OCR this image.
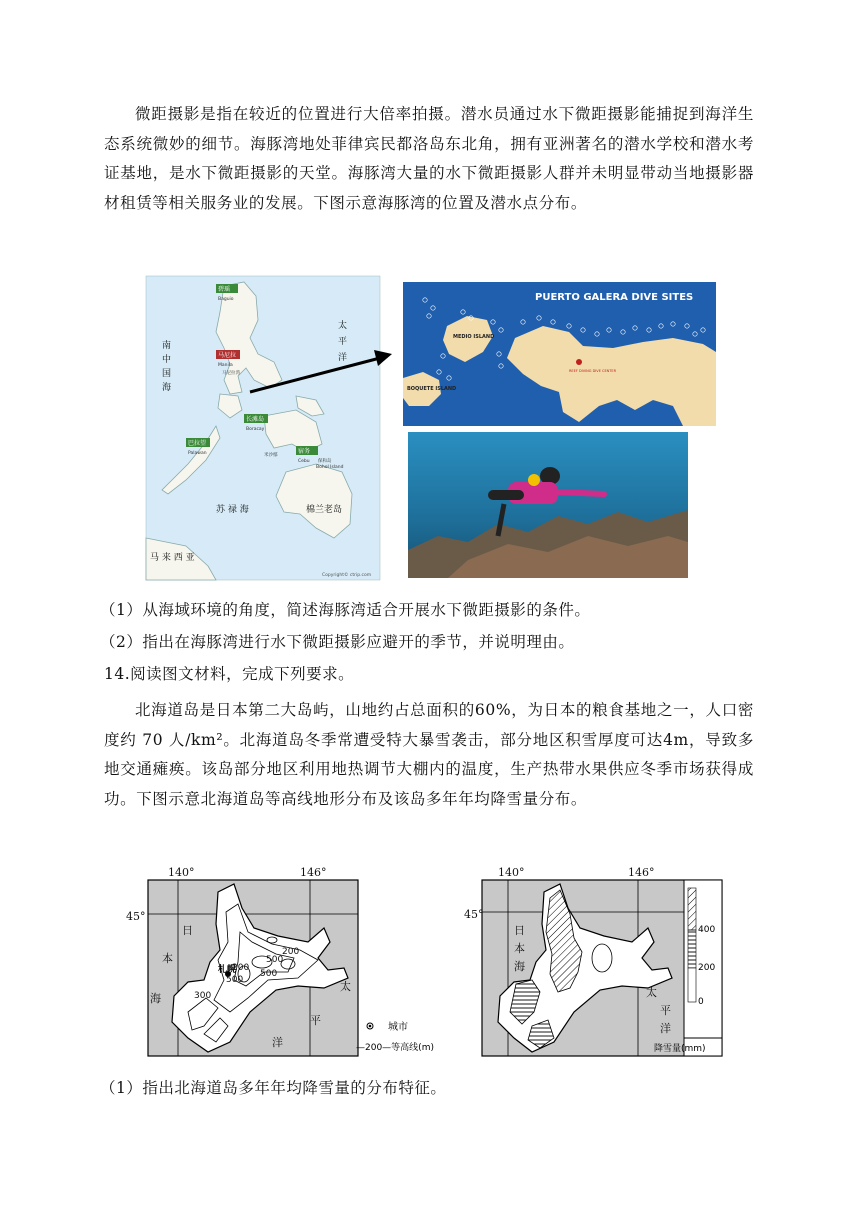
微距摄影是指在较近的位置进行大倍率拍摄。潜水员通过水下微距摄影能捕捉到海洋生态系统微妙的细节。海豚湾地处菲律宾民都洛岛东北角，拥有亚洲著名的潜水学校和潜水考证基地，是水下微距摄影的天堂。海豚湾大量的水下微距摄影人群并未明显带动当地摄影器材租赁等相关服务业的发展。下图示意海豚湾的位置及潜水点分布。
南
中
国
海
太
平
洋
苏 禄 海
马 来 西 亚
棉兰老岛
碧瑶
Baguio
马尼拉
Manila
马尼拉湾
长滩岛
Boracay
宿务
Cebu
Bohol Island
保和岛
米沙鄢
巴拉望
Palawan
Copyright© ctrip.com
PUERTO GALERA DIVE SITES
MEDIO ISLAND
BOQUETE ISLAND
REEF DIVING DIVE CENTER
（1）从海域环境的角度，简述海豚湾适合开展水下微距摄影的条件。
（2）指出在海豚湾进行水下微距摄影应避开的季节，并说明理由。
14.阅读图文材料，完成下列要求。
北海道岛是日本第二大岛屿，山地约占总面积的60%，为日本的粮食基地之一，人口密度约 70 人/km²。北海道岛冬季常遭受特大暴雪袭击，部分地区积雪厚度可达4m，导致多地交通瘫痪。该岛部分地区利用地热调节大棚内的温度，生产热带水果供应冬季市场获得成功。下图示意北海道岛等高线地形分布及该岛多年年均降雪量分布。
140°	146°
45°
札幌
200
500
500
500
300
200
日
本
海
太
平
洋
城市
—200—等高线(m)
140°	146°
45°
日
本
海
太
平
洋
400
200
0
降雪量(mm)
（1）指出北海道岛多年年均降雪量的分布特征。
